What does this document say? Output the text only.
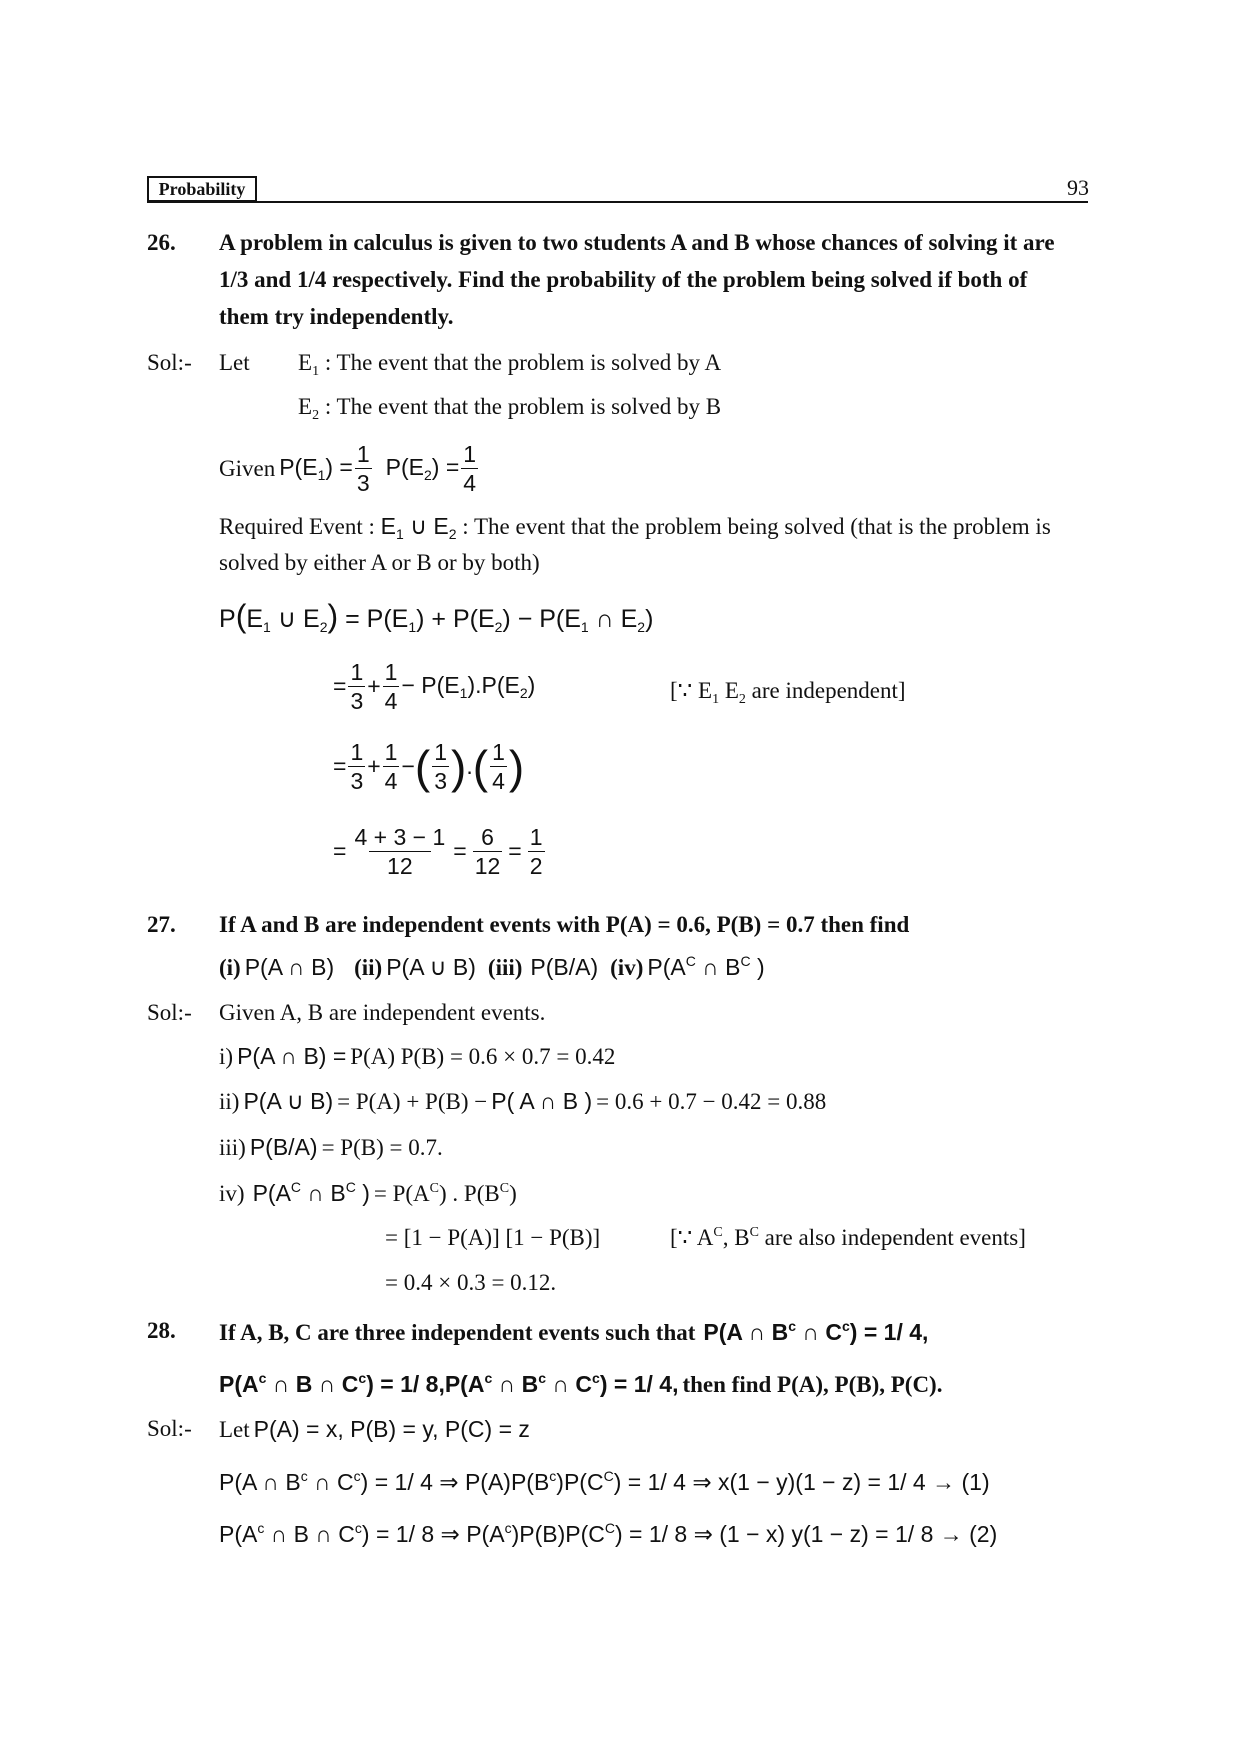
Probability	93
26. A problem in calculus is given to two students A and B whose chances of solving it are
1/3 and 1/4 respectively. Find the probability of the problem being solved if both of
them try independently.
Sol:- Let $E_1$ : The event that the problem is solved by A
$E_2$ : The event that the problem is solved by B
Given
$P(E_1) = \frac{1}{3}$
$P(E_2) = \frac{1}{4}$
Required Event : $E_1$ ∪ $E_2$ : The event that the problem being solved (that is the problem is
solved by either A or B or by both)
$P(E_1$ ∪ $E_2) = P(E_1) + P(E_2) - P(E_1$ ∩ $E_2$)
= $\frac{1}{3} + \frac{1}{4} - P(E_1).P(E_2)$	[∵ $E_1$ $E_2$ are independent]
= $\frac{1}{3} + \frac{1}{4}$ − ( $\frac{1}{3}$ ) . ( $\frac{1}{4}$ )
= $\frac{4 + 3 - 1}{12} = \frac{6}{12} = \frac{1}{2}$
27. If A and B are independent events with P(A) = 0.6, P(B) = 0.7 then find
(i) P(A ∩ B) (ii) P(A ∪ B) (iii) P(B/A) (iv) $P(A^C$ ∩ $B^C$ )
Sol:- Given A, B are independent events.
i) P(A ∩ B) = P(A) P(B) = 0.6 × 0.7 = 0.42
ii) P(A ∪ B) = P(A) + P(B) − P( A ∩ B ) = 0.6 + 0.7 − 0.42 = 0.88
iii) P(B/A) = P(B) = 0.7.
iv) $P(A^C$ ∩ $B^C$ ) = $P(A^C)$ . $P(B^C)$
= [1 − P(A)] [1 − P(B)]	[∵ $A^C$, $B^C$ are also independent events]
= 0.4 × 0.3 = 0.12.
28. If A, B, C are three independent events such that P(A ∩ $B^c$ ∩ $C^c) = 1/$ 4,
$P(A^c$ ∩ B ∩ $C^c) = 1/$ $8,P(A^c$ ∩ $B^c$ ∩ $C^c) = 1/$ 4, then find P(A), P(B), P(C).
Sol:- Let P(A) = x, P(B) = y, P(C) = z
P(A ∩ $B^c$ ∩ $C^c) = 1/$ 4 ⇒ $P(A)P(B^c)P(C^C) = 1/$ 4 ⇒ x(1 − y)(1 − z) = 1/ 4 → (1)
$P(A^c$ ∩ B ∩ $C^c) = 1/$ 8 ⇒ $P(A^c)P(B)P(C^C) = 1/$ 8 ⇒ (1 − x) y(1 − z) = 1/ 8 → (2)
